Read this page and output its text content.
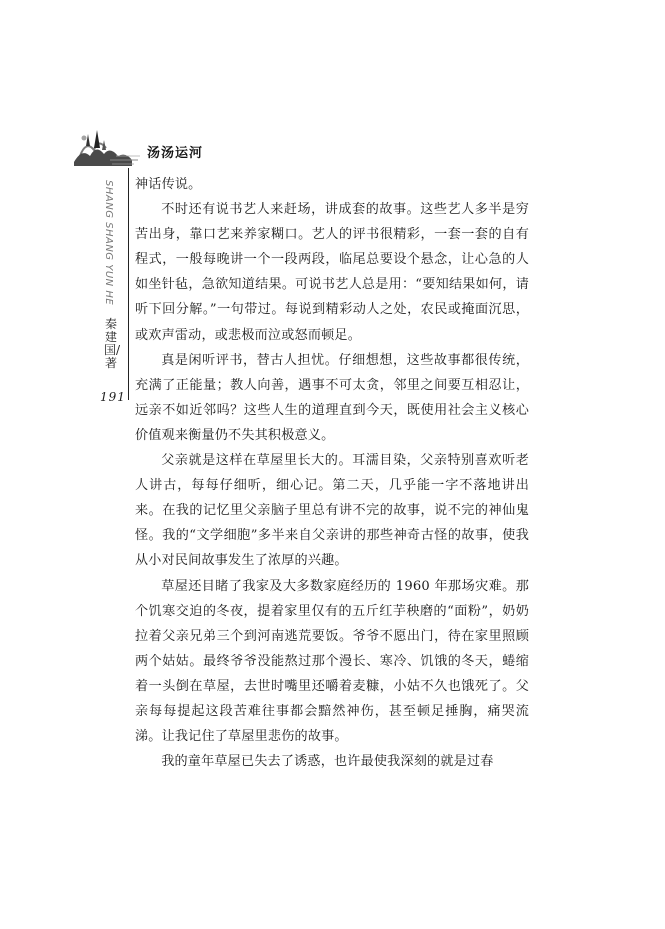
汤汤运河
SHANG SHANG YUN HE
秦建国/著
191

神话传说。

不时还有说书艺人来赶场，讲成套的故事。这些艺人多半是穷苦出身，靠口艺来养家糊口。艺人的评书很精彩，一套一套的自有程式，一般每晚讲一个一段两段，临尾总要设个悬念，让心急的人如坐针毡，急欲知道结果。可说书艺人总是用：“要知结果如何，请听下回分解。”一句带过。每说到精彩动人之处，农民或掩面沉思，或欢声雷动，或悲极而泣或怒而顿足。

真是闲听评书，替古人担忧。仔细想想，这些故事都很传统，充满了正能量；教人向善，遇事不可太贪，邻里之间要互相忍让，远亲不如近邻吗？这些人生的道理直到今天，既使用社会主义核心价值观来衡量仍不失其积极意义。

父亲就是这样在草屋里长大的。耳濡目染，父亲特别喜欢听老人讲古，每每仔细听，细心记。第二天，几乎能一字不落地讲出来。在我的记忆里父亲脑子里总有讲不完的故事，说不完的神仙鬼怪。我的“文学细胞”多半来自父亲讲的那些神奇古怪的故事，使我从小对民间故事发生了浓厚的兴趣。

草屋还目睹了我家及大多数家庭经历的 1960 年那场灾难。那个饥寒交迫的冬夜，提着家里仅有的五斤红芋秧磨的“面粉”，奶奶拉着父亲兄弟三个到河南逃荒要饭。爷爷不愿出门，待在家里照顾两个姑姑。最终爷爷没能熬过那个漫长、寒冷、饥饿的冬天，蜷缩着一头倒在草屋，去世时嘴里还嚼着麦糠，小姑不久也饿死了。父亲每每提起这段苦难往事都会黯然神伤，甚至顿足捶胸，痛哭流涕。让我记住了草屋里悲伤的故事。

我的童年草屋已失去了诱惑，也许最使我深刻的就是过春
